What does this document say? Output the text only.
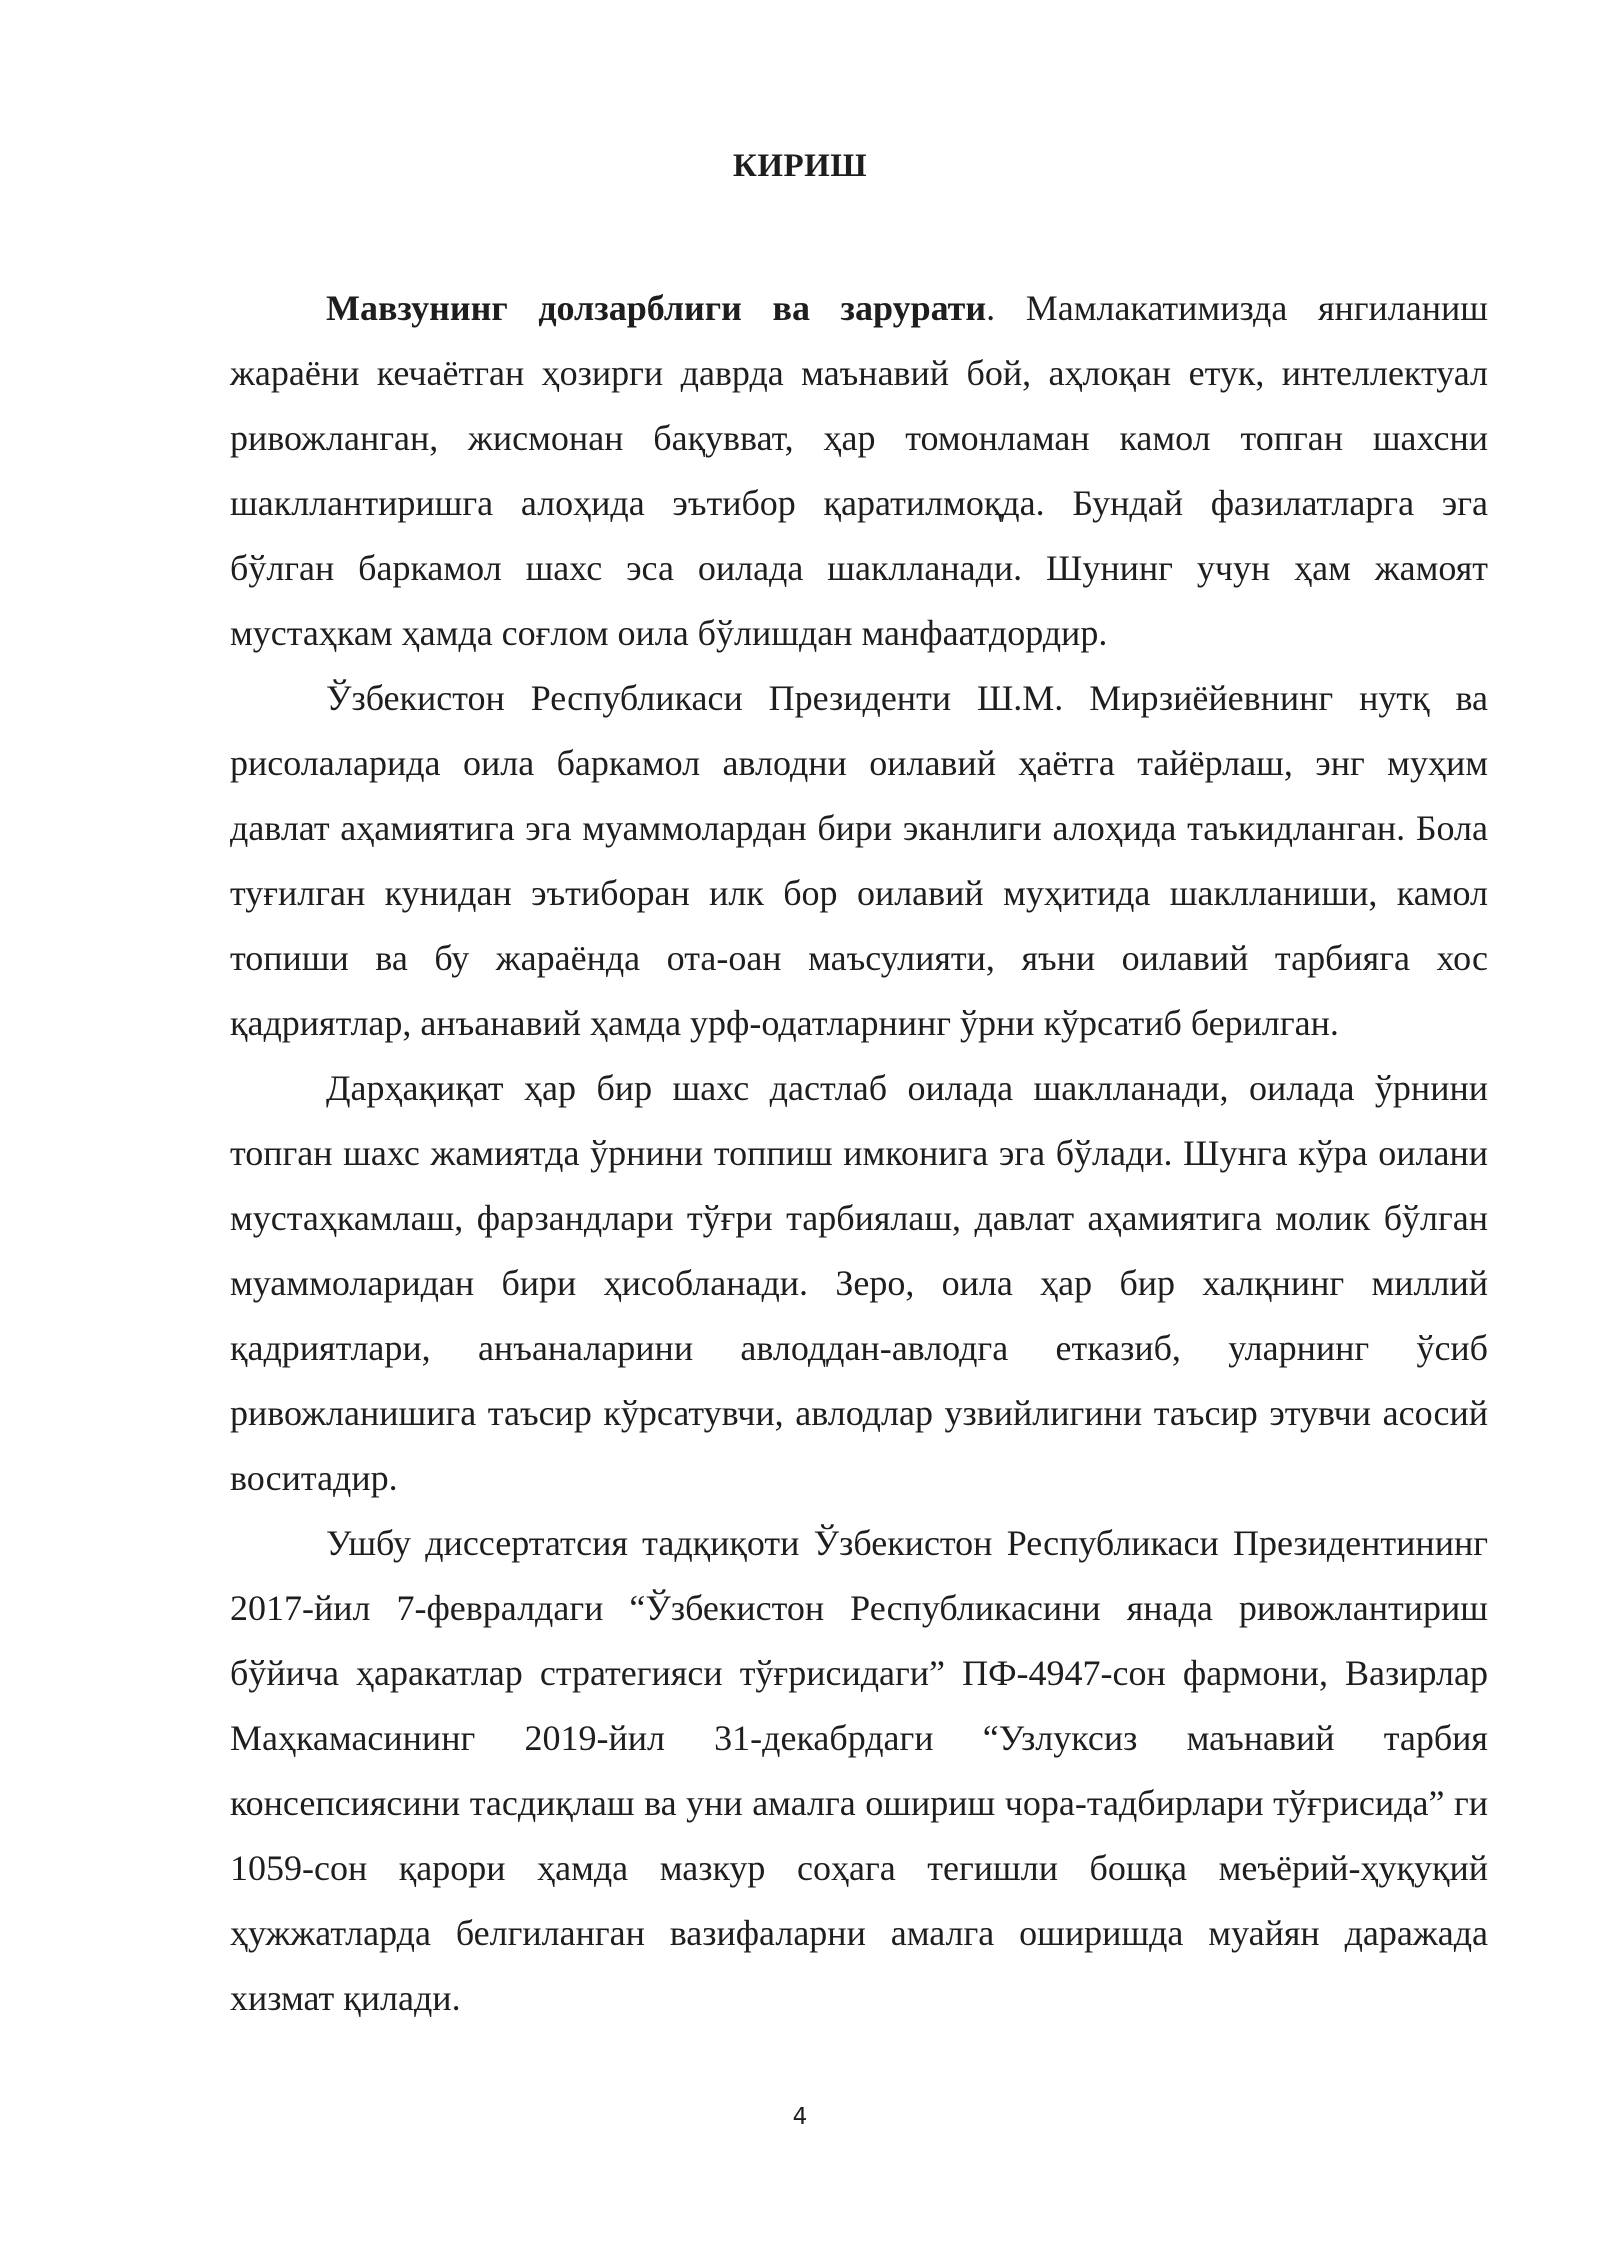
КИРИШ

Мавзунинг долзарблиги ва зарурати. Мамлакатимизда янгиланиш жараёни кечаётган ҳозирги даврда маънавий бой, аҳлоқан етук, интеллектуал ривожланган, жисмонан бақувват, ҳар томонламан камол топган шахсни шакллантиришга алоҳида эътибор қаратилмоқда. Бундай фазилатларга эга бўлган баркамол шахс эса оилада шаклланади. Шунинг учун ҳам жамоят мустаҳкам ҳамда соғлом оила бўлишдан манфаатдордир.

Ўзбекистон Республикаси Президенти Ш.М. Мирзиёйевнинг нутқ ва рисолаларида оила баркамол авлодни оилавий ҳаётга тайёрлаш, энг муҳим давлат аҳамиятига эга муаммолардан бири эканлиги алоҳида таъкидланган. Бола туғилган кунидан эътиборан илк бор оилавий муҳитида шаклланиши, камол топиши ва бу жараёнда ота-оан маъсулияти, яъни оилавий тарбияга хос қадриятлар, анъанавий ҳамда урф-одатларнинг ўрни кўрсатиб берилган.

Дарҳақиқат ҳар бир шахс дастлаб оилада шаклланади, оилада ўрнини топган шахс жамиятда ўрнини топпиш имконига эга бўлади. Шунга кўра оилани мустаҳкамлаш, фарзандлари тўғри тарбиялаш, давлат аҳамиятига молик бўлган муаммоларидан бири ҳисобланади. Зеро, оила ҳар бир халқнинг миллий қадриятлари, анъаналарини авлоддан-авлодга етказиб, уларнинг ўсиб ривожланишига таъсир кўрсатувчи, авлодлар узвийлигини таъсир этувчи асосий воситадир.

Ушбу диссертатсия тадқиқоти Ўзбекистон Республикаси Президентининг 2017-йил 7-февралдаги “Ўзбекистон Республикасини янада ривожлантириш бўйича ҳаракатлар стратегияси тўғрисидаги” ПФ-4947-сон фармони, Вазирлар Маҳкамасининг 2019-йил 31-декабрдаги “Узлуксиз маънавий тарбия консепсиясини тасдиқлаш ва уни амалга ошириш чора-тадбирлари тўғрисида” ги 1059-сон қарори ҳамда мазкур соҳага тегишли бошқа меъёрий-ҳуқуқий ҳужжатларда белгиланган вазифаларни амалга оширишда муайян даражада хизмат қилади.

4
